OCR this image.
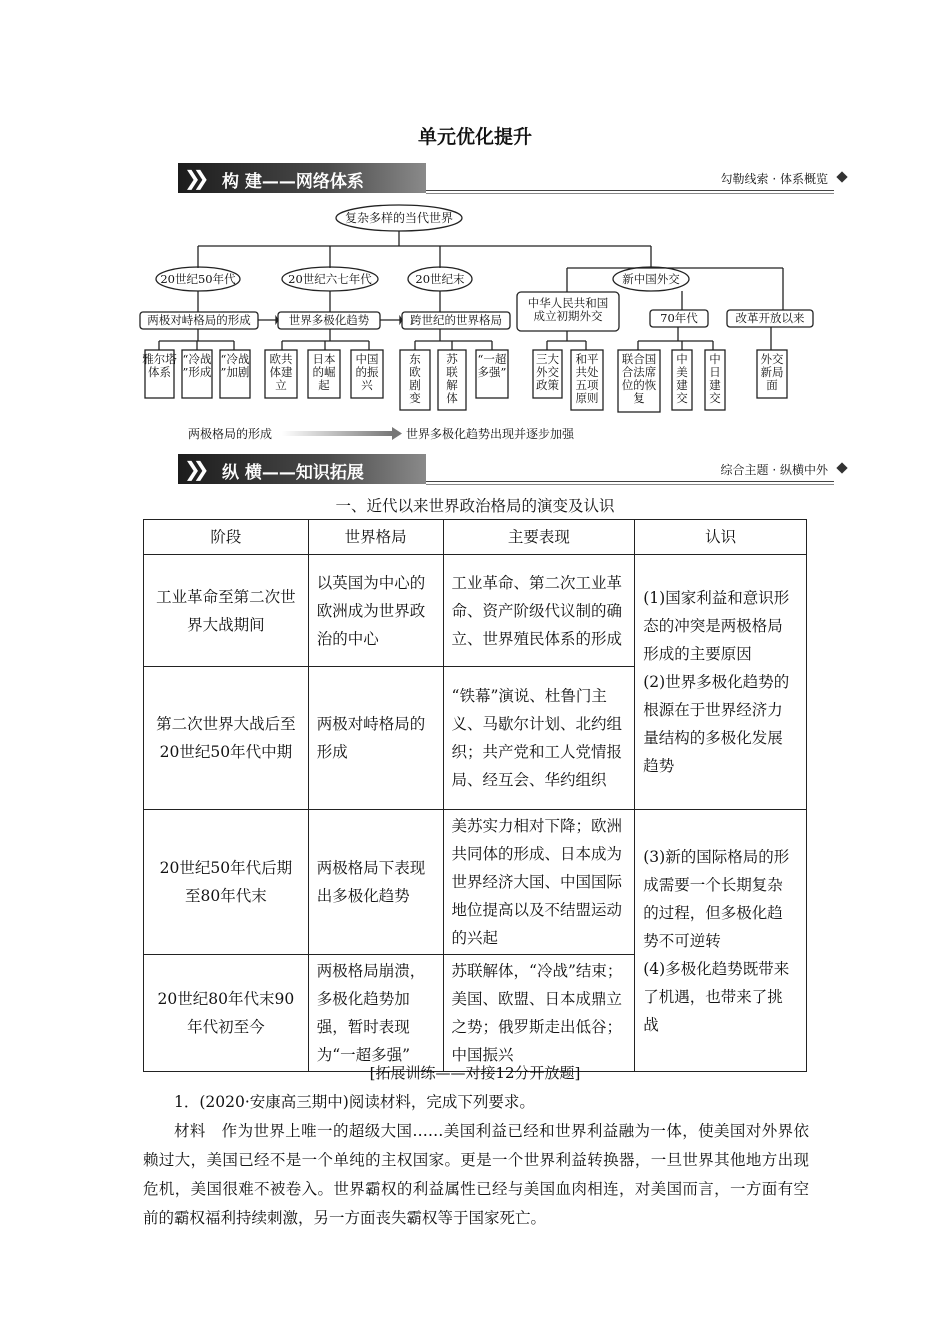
单元优化提升
❯❯ 构 建——网络体系	勾勒线索 · 体系概览
复杂多样的当代世界
20世纪50年代	20世纪六七年代	20世纪末	新中国外交
两极对峙格局的形成	世界多极化趋势	跨世纪的世界格局	70年代	改革开放以来
雅尔塔体系
“冷战”形成
“冷战”加剧
欧共体建立
日本的崛起
中国的振兴
东欧剧变
苏联解体
“一超多强”
中华人民共和国成立初期外交
三大外交政策
和平共处五项原则
联合国合法席位的恢复
中美建交
中日建交
外交新局面
两极格局的形成	世界多极化趋势出现并逐步加强
❯❯ 纵 横——知识拓展	综合主题 · 纵横中外
一、近代以来世界政治格局的演变及认识
阶段	世界格局	主要表现	认识
工业革命至第二次世界大战期间	以英国为中心的欧洲成为世界政治的中心	工业革命、第二次工业革命、资产阶级代议制的确立、世界殖民体系的形成	(1)国家利益和意识形态的冲突是两极格局形成的主要原因
(2)世界多极化趋势的根源在于世界经济力量结构的多极化发展趋势
第二次世界大战后至20世纪50年代中期	两极对峙格局的形成	“铁幕”演说、杜鲁门主义、马歇尔计划、北约组织；共产党和工人党情报局、经互会、华约组织	
20世纪50年代后期至80年代末	两极格局下表现出多极化趋势	美苏实力相对下降；欧洲共同体的形成、日本成为世界经济大国、中国国际地位提高以及不结盟运动的兴起	(3)新的国际格局的形成需要一个长期复杂的过程，但多极化趋势不可逆转
(4)多极化趋势既带来了机遇，也带来了挑战
20世纪80年代末90年代初至今	两极格局崩溃，多极化趋势加强，暂时表现为“一超多强”	苏联解体，“冷战”结束；美国、欧盟、日本成鼎立之势；俄罗斯走出低谷；中国振兴	
[拓展训练——对接12分开放题]
1．(2020·安康高三期中)阅读材料，完成下列要求。
材料　作为世界上唯一的超级大国……美国利益已经和世界利益融为一体，使美国对外界依赖过大，美国已经不是一个单纯的主权国家。更是一个世界利益转换器，一旦世界其他地方出现危机，美国很难不被卷入。世界霸权的利益属性已经与美国血肉相连，对美国而言，一方面有空前的霸权福利持续刺激，另一方面丧失霸权等于国家死亡。
